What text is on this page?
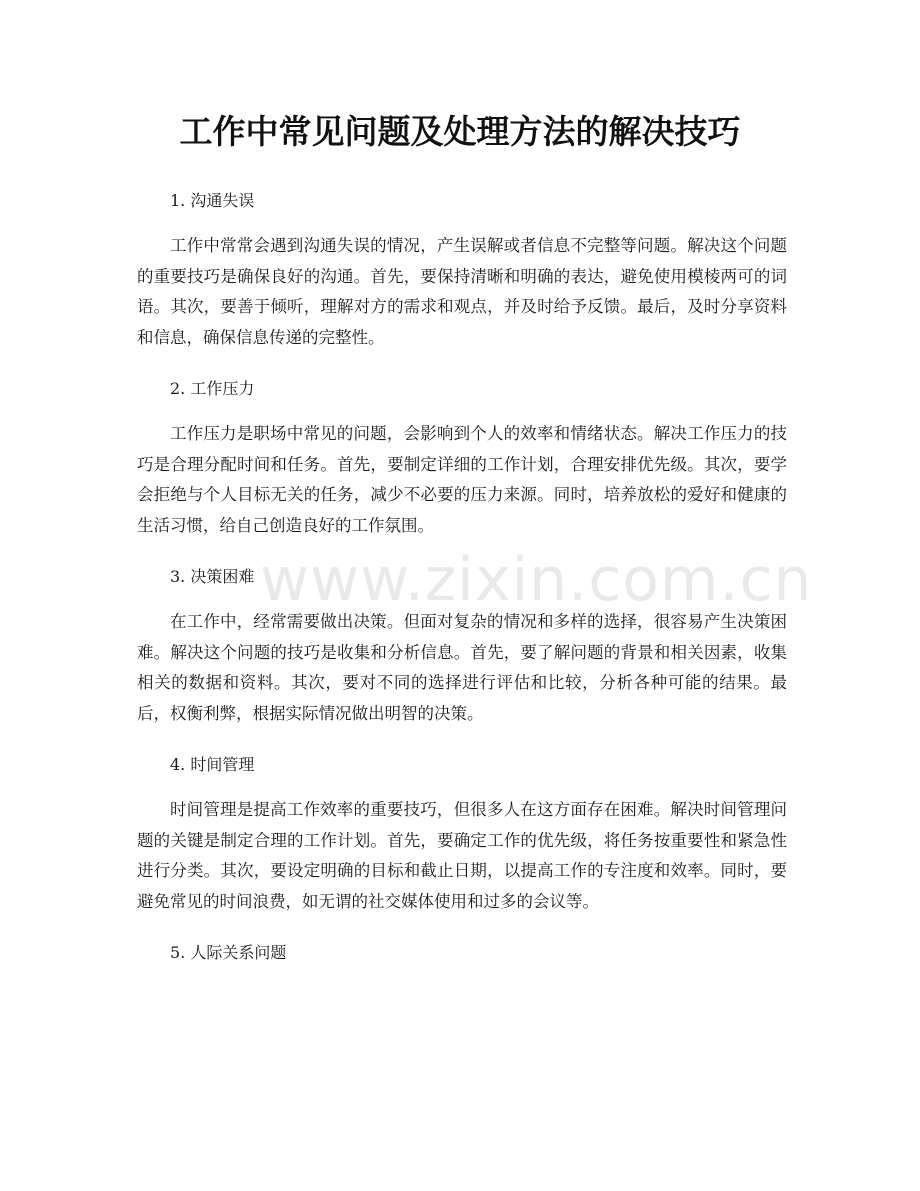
工作中常见问题及处理方法的解决技巧

1. 沟通失误

工作中常常会遇到沟通失误的情况，产生误解或者信息不完整等问题。解决这个问题的重要技巧是确保良好的沟通。首先，要保持清晰和明确的表达，避免使用模棱两可的词语。其次，要善于倾听，理解对方的需求和观点，并及时给予反馈。最后，及时分享资料和信息，确保信息传递的完整性。

2. 工作压力

工作压力是职场中常见的问题，会影响到个人的效率和情绪状态。解决工作压力的技巧是合理分配时间和任务。首先，要制定详细的工作计划，合理安排优先级。其次，要学会拒绝与个人目标无关的任务，减少不必要的压力来源。同时，培养放松的爱好和健康的生活习惯，给自己创造良好的工作氛围。

3. 决策困难

在工作中，经常需要做出决策。但面对复杂的情况和多样的选择，很容易产生决策困难。解决这个问题的技巧是收集和分析信息。首先，要了解问题的背景和相关因素，收集相关的数据和资料。其次，要对不同的选择进行评估和比较，分析各种可能的结果。最后，权衡利弊，根据实际情况做出明智的决策。

4. 时间管理

时间管理是提高工作效率的重要技巧，但很多人在这方面存在困难。解决时间管理问题的关键是制定合理的工作计划。首先，要确定工作的优先级，将任务按重要性和紧急性进行分类。其次，要设定明确的目标和截止日期，以提高工作的专注度和效率。同时，要避免常见的时间浪费，如无谓的社交媒体使用和过多的会议等。

5. 人际关系问题

www.zixin.com.cn
